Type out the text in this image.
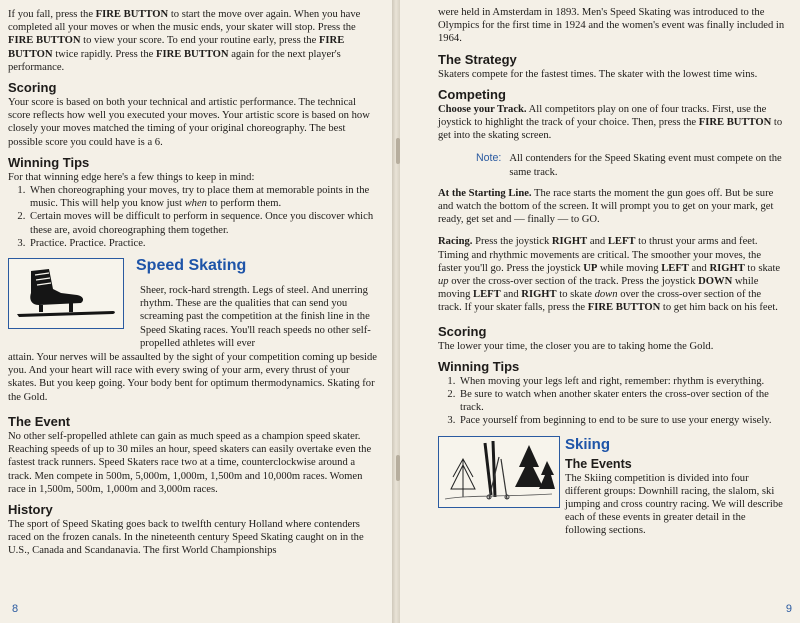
If you fall, press the FIRE BUTTON to start the move over again. When you have completed all your moves or when the music ends, your skater will stop. Press the FIRE BUTTON to view your score. To end your routine early, press the FIRE BUTTON twice rapidly. Press the FIRE BUTTON again for the next player's performance.

Scoring

Your score is based on both your technical and artistic performance. The technical score reflects how well you executed your moves. Your artistic score is based on how closely your moves matched the timing of your original choreography. The best possible score you could have is a 6.

Winning Tips

For that winning edge here's a few things to keep in mind:

1. When choreographing your moves, try to place them at memorable points in the music. This will help you know just when to perform them.
2. Certain moves will be difficult to perform in sequence. Once you discover which these are, avoid choreographing them together.
3. Practice. Practice. Practice.
Speed Skating

Sheer, rock-hard strength. Legs of steel. And unerring rhythm. These are the qualities that can send you screaming past the competition at the finish line in the Speed Skating races. You'll reach speeds no other self-propelled athletes will ever

attain. Your nerves will be assaulted by the sight of your competition coming up beside you. And your heart will race with every swing of your arm, every thrust of your skates. But you keep going. Your body bent for optimum thermodynamics. Skating for the Gold.

The Event

No other self-propelled athlete can gain as much speed as a champion speed skater. Reaching speeds of up to 30 miles an hour, speed skaters can easily overtake even the fastest track runners. Speed Skaters race two at a time, counterclockwise around a track. Men compete in 500m, 5,000m, 1,000m, 1,500m and 10,000m races. Women race in 1,500m, 500m, 1,000m and 3,000m races.

History

The sport of Speed Skating goes back to twelfth century Holland where contenders raced on the frozen canals. In the nineteenth century Speed Skating caught on in the U.S., Canada and Scandanavia. The first World Championships

8

were held in Amsterdam in 1893. Men's Speed Skating was introduced to the Olympics for the first time in 1924 and the women's event was finally included in 1964.

The Strategy

Skaters compete for the fastest times. The skater with the lowest time wins.

Competing

Choose your Track. All competitors play on one of four tracks. First, use the joystick to highlight the track of your choice. Then, press the FIRE BUTTON to get into the skating screen.

Note: All contenders for the Speed Skating event must compete on the same track.

At the Starting Line. The race starts the moment the gun goes off. But be sure and watch the bottom of the screen. It will prompt you to get on your mark, get ready, get set and — finally — to GO.

Racing. Press the joystick RIGHT and LEFT to thrust your arms and feet. Timing and rhythmic movements are critical. The smoother your moves, the faster you'll go. Press the joystick UP while moving LEFT and RIGHT to skate up over the cross-over section of the track. Press the joystick DOWN while moving LEFT and RIGHT to skate down over the cross-over section of the track. If your skater falls, press the FIRE BUTTON to get him back on his feet.

Scoring

The lower your time, the closer you are to taking home the Gold.

Winning Tips
1. When moving your legs left and right, remember: rhythm is everything.
2. Be sure to watch when another skater enters the cross-over section of the track.
3. Pace yourself from beginning to end to be sure to use your energy wisely.
Skiing
The Events

The Skiing competition is divided into four different groups: Downhill racing, the slalom, ski jumping and cross country racing. We will describe each of these events in greater detail in the following sections.

9
